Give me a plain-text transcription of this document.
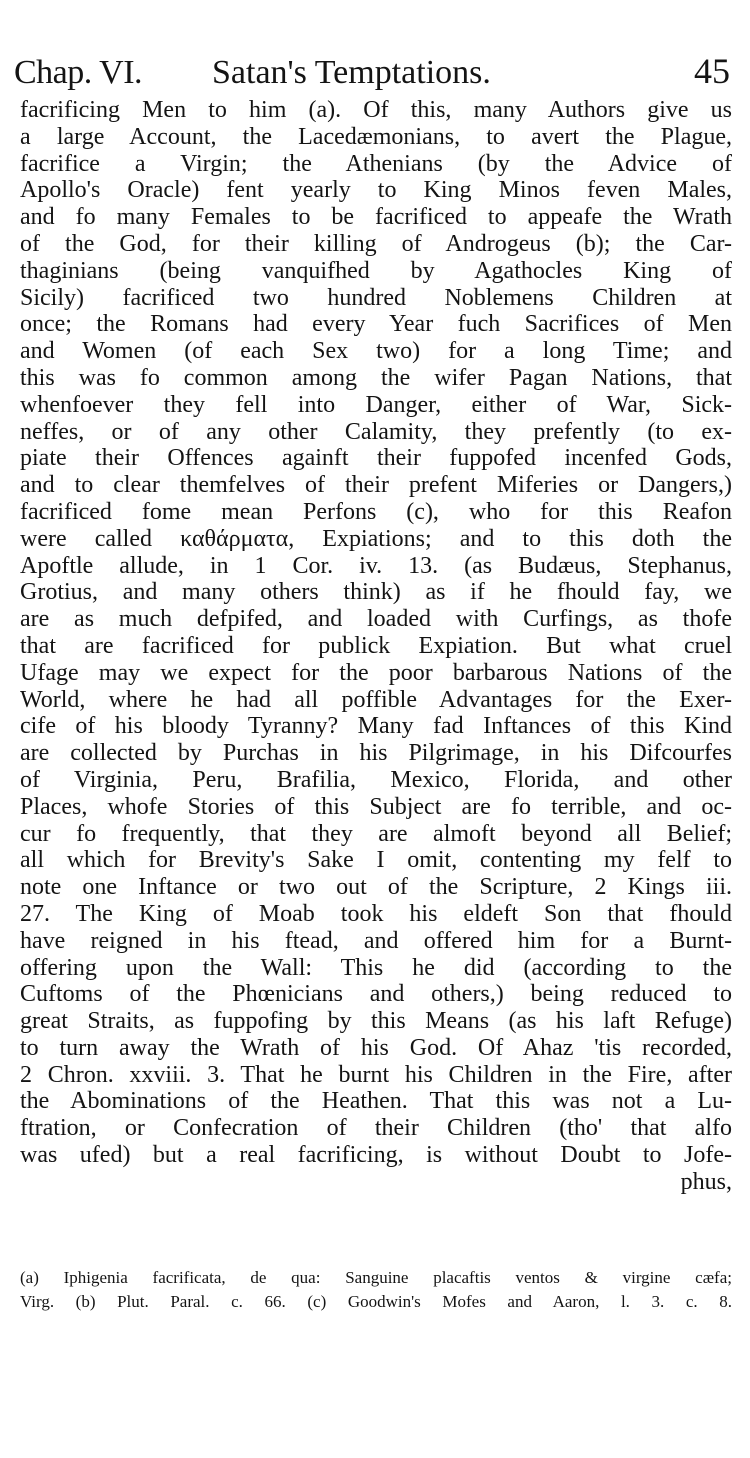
Chap. VI. Satan's Temptations.	45
facrificing Men to him (a). Of this, many Authors give us
a large Account, the Lacedæmonians, to avert the Plague,
facrifice a Virgin; the Athenians (by the Advice of
Apollo's Oracle) fent yearly to King Minos feven Males,
and fo many Females to be facrificed to appeafe the Wrath
of the God, for their killing of Androgeus (b); the Car-
thaginians (being vanquifhed by Agathocles King of
Sicily) facrificed two hundred Noblemens Children at
once; the Romans had every Year fuch Sacrifices of Men
and Women (of each Sex two) for a long Time; and
this was fo common among the wifer Pagan Nations, that
whenfoever they fell into Danger, either of War, Sick-
neffes, or of any other Calamity, they prefently (to ex-
piate their Offences againft their fuppofed incenfed Gods,
and to clear themfelves of their prefent Miferies or Dangers,)
facrificed fome mean Perfons (c), who for this Reafon
were called καθάρματα, Expiations; and to this doth the
Apoftle allude, in 1 Cor. iv. 13. (as Budæus, Stephanus,
Grotius, and many others think) as if he fhould fay, we
are as much defpifed, and loaded with Curfings, as thofe
that are facrificed for publick Expiation. But what cruel
Ufage may we expect for the poor barbarous Nations of the
World, where he had all poffible Advantages for the Exer-
cife of his bloody Tyranny? Many fad Inftances of this Kind
are collected by Purchas in his Pilgrimage, in his Difcourfes
of Virginia, Peru, Brafilia, Mexico, Florida, and other
Places, whofe Stories of this Subject are fo terrible, and oc-
cur fo frequently, that they are almoft beyond all Belief;
all which for Brevity's Sake I omit, contenting my felf to
note one Inftance or two out of the Scripture, 2 Kings iii.
27. The King of Moab took his eldeft Son that fhould
have reigned in his ftead, and offered him for a Burnt-
offering upon the Wall: This he did (according to the
Cuftoms of the Phœnicians and others,) being reduced to
great Straits, as fuppofing by this Means (as his laft Refuge)
to turn away the Wrath of his God. Of Ahaz 'tis recorded,
2 Chron. xxviii. 3. That he burnt his Children in the Fire, after
the Abominations of the Heathen. That this was not a Lu-
ftration, or Confecration of their Children (tho' that alfo
was ufed) but a real facrificing, is without Doubt to Jofe-
phus,
(a) Iphigenia facrificata, de qua: Sanguine placaftis ventos & virgine cæfa;
Virg. (b) Plut. Paral. c. 66. (c) Goodwin's Mofes and Aaron, l. 3. c. 8.
